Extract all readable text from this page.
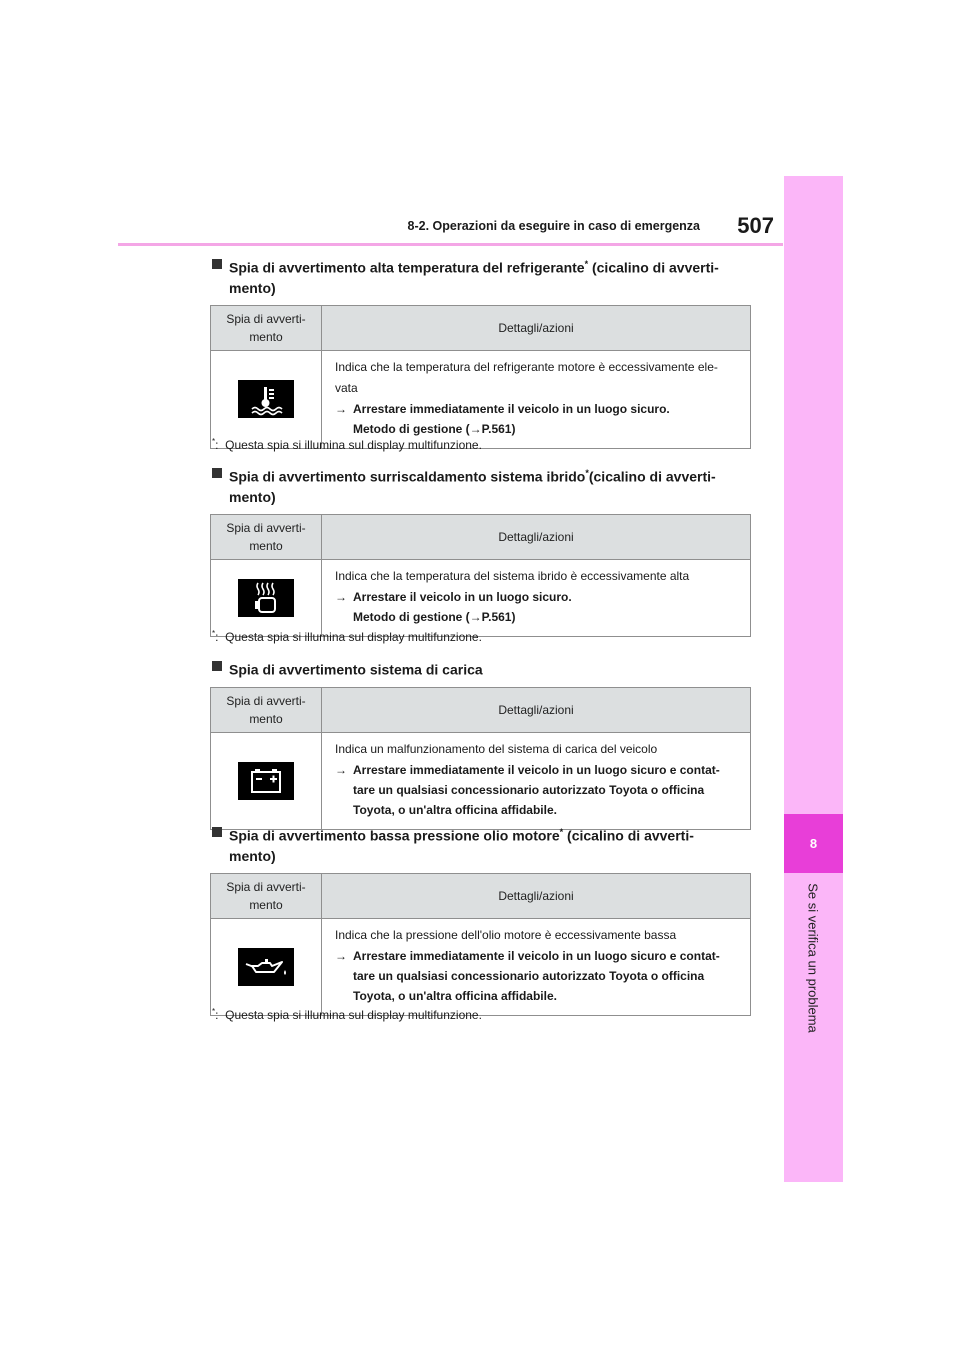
8-2. Operazioni da eseguire in caso di emergenza	507
8
Se si verifica un problema
Spia di avvertimento alta temperatura del refrigerante* (cicalino di avverti-
mento)
Spia di avverti-
mento	Dettagli/azioni

Indica che la temperatura del refrigerante motore è eccessivamente ele-
vata
→ Arrestare immediatamente il veicolo in un luogo sicuro.
Metodo di gestione (→P.561)
*: Questa spia si illumina sul display multifunzione.
Spia di avvertimento surriscaldamento sistema ibrido*(cicalino di avverti-
mento)
Spia di avverti-
mento	Dettagli/azioni

Indica che la temperatura del sistema ibrido è eccessivamente alta
→ Arrestare il veicolo in un luogo sicuro.
Metodo di gestione (→P.561)
*: Questa spia si illumina sul display multifunzione.
Spia di avvertimento sistema di carica
Spia di avverti-
mento	Dettagli/azioni

Indica un malfunzionamento del sistema di carica del veicolo
→ Arrestare immediatamente il veicolo in un luogo sicuro e contat-
tare un qualsiasi concessionario autorizzato Toyota o officina
Toyota, o un'altra officina affidabile.
Spia di avvertimento bassa pressione olio motore* (cicalino di avverti-
mento)
Spia di avverti-
mento	Dettagli/azioni

Indica che la pressione dell'olio motore è eccessivamente bassa
→ Arrestare immediatamente il veicolo in un luogo sicuro e contat-
tare un qualsiasi concessionario autorizzato Toyota o officina
Toyota, o un'altra officina affidabile.
*: Questa spia si illumina sul display multifunzione.
